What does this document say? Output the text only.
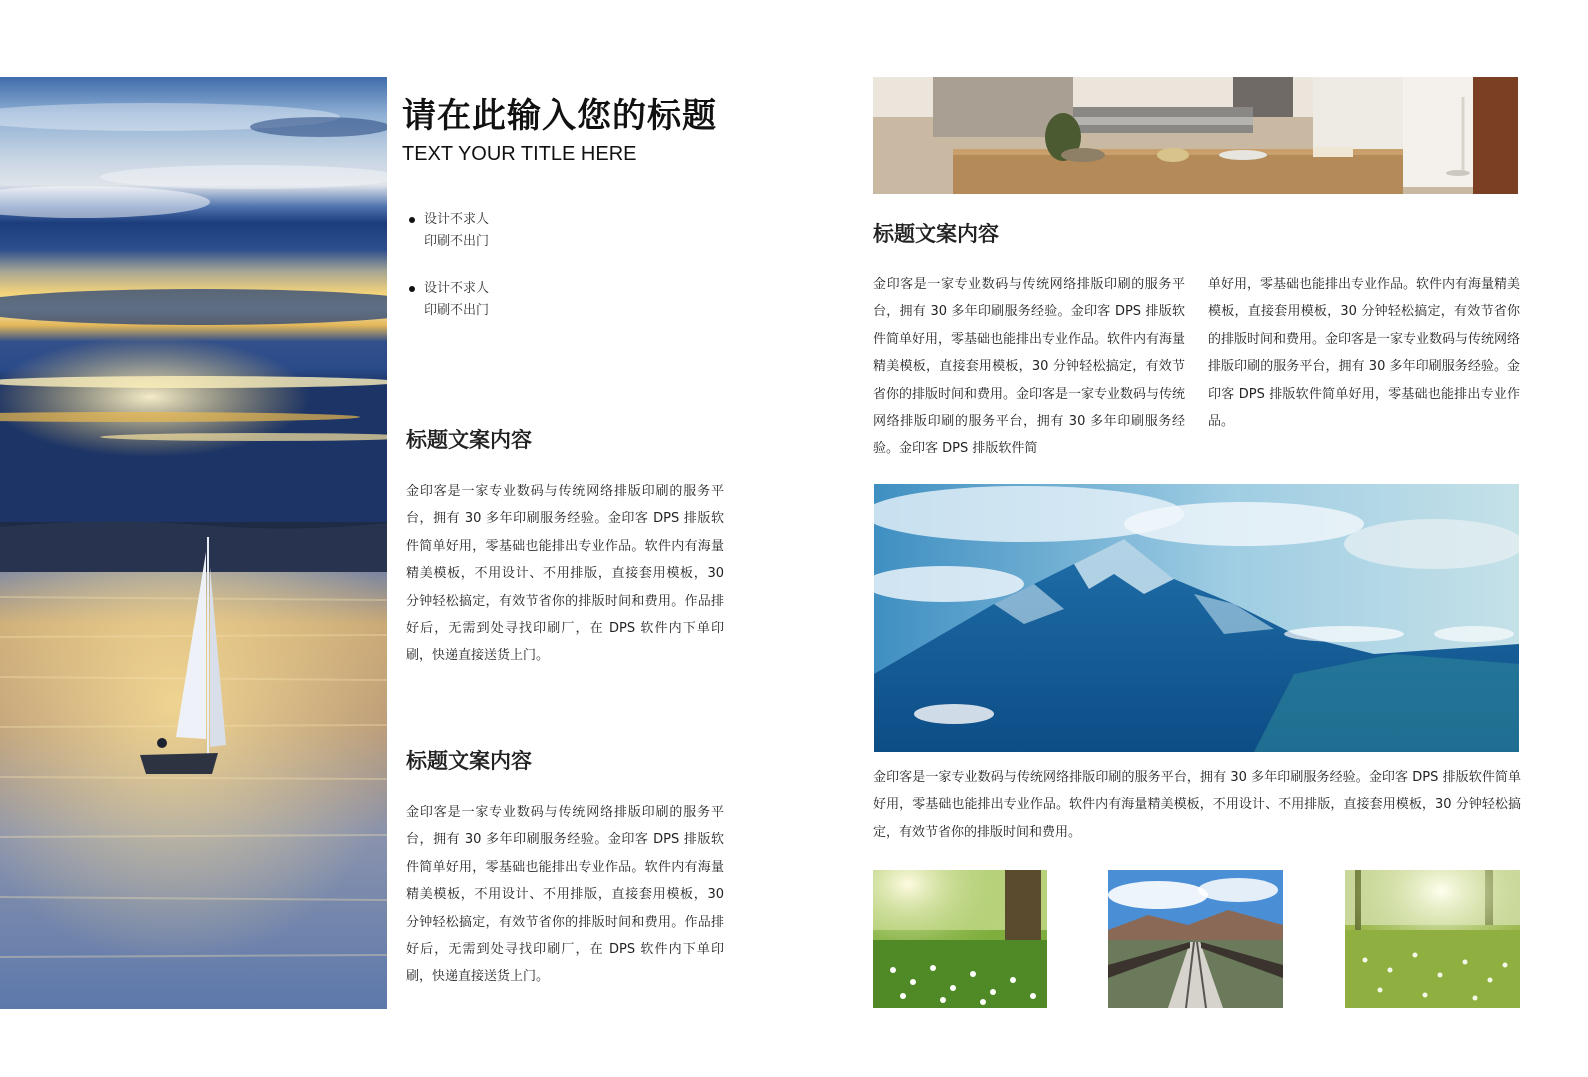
请在此输入您的标题
TEXT YOUR TITLE HERE
设计不求人
印刷不出门
设计不求人
印刷不出门
标题文案内容
金印客是一家专业数码与传统网络排版印刷的服务平台，拥有 30 多年印刷服务经验。金印客 DPS 排版软件简单好用，零基础也能排出专业作品。软件内有海量精美模板，不用设计、不用排版，直接套用模板，30 分钟轻松搞定，有效节省你的排版时间和费用。作品排好后，无需到处寻找印刷厂，在 DPS 软件内下单印刷，快递直接送货上门。
标题文案内容
金印客是一家专业数码与传统网络排版印刷的服务平台，拥有 30 多年印刷服务经验。金印客 DPS 排版软件简单好用，零基础也能排出专业作品。软件内有海量精美模板，不用设计、不用排版，直接套用模板，30 分钟轻松搞定，有效节省你的排版时间和费用。作品排好后，无需到处寻找印刷厂，在 DPS 软件内下单印刷，快递直接送货上门。
标题文案内容
金印客是一家专业数码与传统网络排版印刷的服务平台，拥有 30 多年印刷服务经验。金印客 DPS 排版软件简单好用，零基础也能排出专业作品。软件内有海量精美模板，直接套用模板，30 分钟轻松搞定，有效节省你的排版时间和费用。金印客是一家专业数码与传统网络排版印刷的服务平台，拥有 30 多年印刷服务经验。金印客 DPS 排版软件简
单好用，零基础也能排出专业作品。软件内有海量精美模板，直接套用模板，30 分钟轻松搞定，有效节省你的排版时间和费用。金印客是一家专业数码与传统网络排版印刷的服务平台，拥有 30 多年印刷服务经验。金印客 DPS 排版软件简单好用，零基础也能排出专业作品。
金印客是一家专业数码与传统网络排版印刷的服务平台，拥有 30 多年印刷服务经验。金印客 DPS 排版软件简单好用，零基础也能排出专业作品。软件内有海量精美模板，不用设计、不用排版，直接套用模板，30 分钟轻松搞定，有效节省你的排版时间和费用。
